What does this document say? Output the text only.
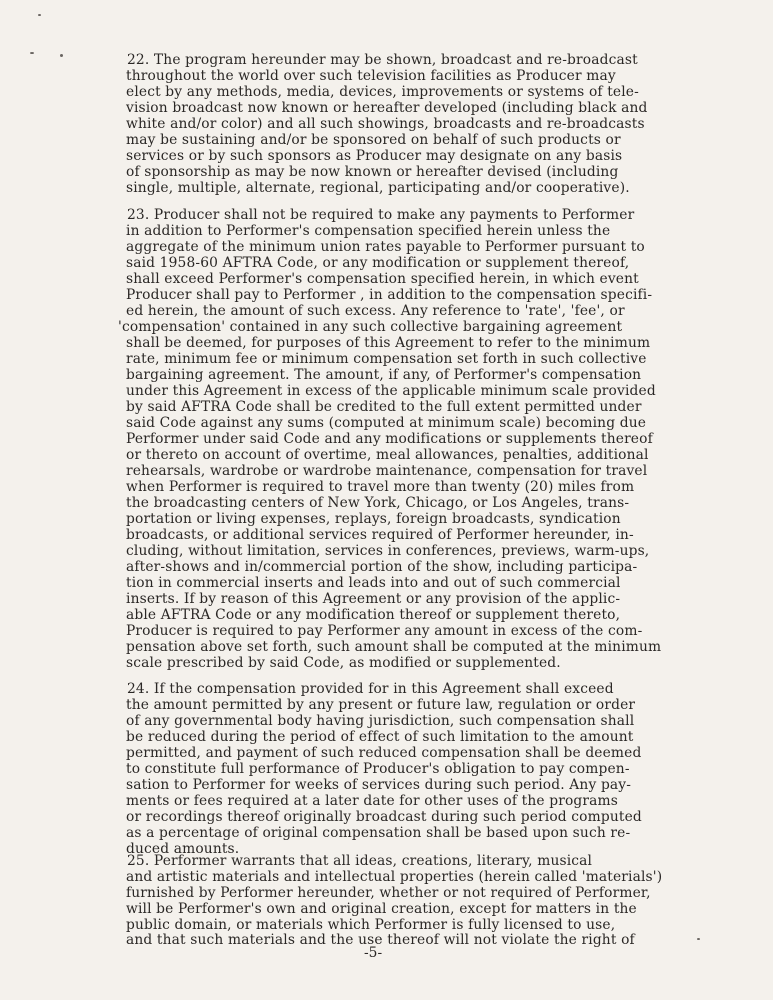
22. The program hereunder may be shown, broadcast and re-broadcast
throughout the world over such television facilities as Producer may
elect by any methods, media, devices, improvements or systems of tele-
vision broadcast now known or hereafter developed (including black and
white and/or color) and all such showings, broadcasts and re-broadcasts
may be sustaining and/or be sponsored on behalf of such products or
services or by such sponsors as Producer may designate on any basis
of sponsorship as may be now known or hereafter devised (including
single, multiple, alternate, regional, participating and/or cooperative).
23. Producer shall not be required to make any payments to Performer
in addition to Performer's compensation specified herein unless the
aggregate of the minimum union rates payable to Performer pursuant to
said 1958-60 AFTRA Code, or any modification or supplement thereof,
shall exceed Performer's compensation specified herein, in which event
Producer shall pay to Performer , in addition to the compensation specifi-
ed herein, the amount of such excess. Any reference to 'rate', 'fee', or
'compensation' contained in any such collective bargaining agreement
shall be deemed, for purposes of this Agreement to refer to the minimum
rate, minimum fee or minimum compensation set forth in such collective
bargaining agreement. The amount, if any, of Performer's compensation
under this Agreement in excess of the applicable minimum scale provided
by said AFTRA Code shall be credited to the full extent permitted under
said Code against any sums (computed at minimum scale) becoming due
Performer under said Code and any modifications or supplements thereof
or thereto on account of overtime, meal allowances, penalties, additional
rehearsals, wardrobe or wardrobe maintenance, compensation for travel
when Performer is required to travel more than twenty (20) miles from
the broadcasting centers of New York, Chicago, or Los Angeles, trans-
portation or living expenses, replays, foreign broadcasts, syndication
broadcasts, or additional services required of Performer hereunder, in-
cluding, without limitation, services in conferences, previews, warm-ups,
after-shows and in/commercial portion of the show, including participa-
tion in commercial inserts and leads into and out of such commercial
inserts. If by reason of this Agreement or any provision of the applic-
able AFTRA Code or any modification thereof or supplement thereto,
Producer is required to pay Performer any amount in excess of the com-
pensation above set forth, such amount shall be computed at the minimum
scale prescribed by said Code, as modified or supplemented.
24. If the compensation provided for in this Agreement shall exceed
the amount permitted by any present or future law, regulation or order
of any governmental body having jurisdiction, such compensation shall
be reduced during the period of effect of such limitation to the amount
permitted, and payment of such reduced compensation shall be deemed
to constitute full performance of Producer's obligation to pay compen-
sation to Performer for weeks of services during such period. Any pay-
ments or fees required at a later date for other uses of the programs
or recordings thereof originally broadcast during such period computed
as a percentage of original compensation shall be based upon such re-
duced amounts.
25. Performer warrants that all ideas, creations, literary, musical
and artistic materials and intellectual properties (herein called 'materials')
furnished by Performer hereunder, whether or not required of Performer,
will be Performer's own and original creation, except for matters in the
public domain, or materials which Performer is fully licensed to use,
and that such materials and the use thereof will not violate the right of
-5-
